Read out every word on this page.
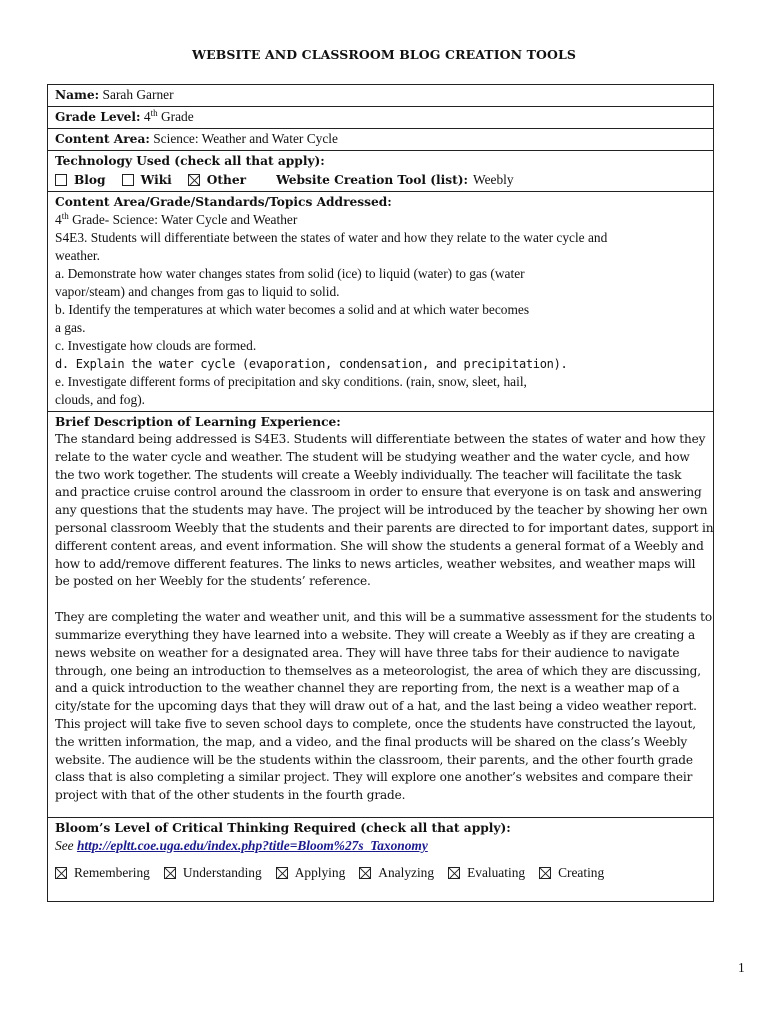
WEBSITE AND CLASSROOM BLOG CREATION TOOLS
Name: Sarah Garner
Grade Level: 4th Grade
Content Area: Science: Weather and Water Cycle
Technology Used (check all that apply):
Blog	Wiki	Other Website Creation Tool (list): Weebly
Content Area/Grade/Standards/Topics Addressed:
4th Grade- Science: Water Cycle and Weather
S4E3. Students will differentiate between the states of water and how they relate to the water cycle and
weather.
a. Demonstrate how water changes states from solid (ice) to liquid (water) to gas (water
vapor/steam) and changes from gas to liquid to solid.
b. Identify the temperatures at which water becomes a solid and at which water becomes
a gas.
c. Investigate how clouds are formed.
d. Explain the water cycle (evaporation, condensation, and precipitation).
e. Investigate different forms of precipitation and sky conditions. (rain, snow, sleet, hail,
clouds, and fog).
Brief Description of Learning Experience:
The standard being addressed is S4E3. Students will differentiate between the states of water and how they
relate to the water cycle and weather. The student will be studying weather and the water cycle, and how
the two work together. The students will create a Weebly individually. The teacher will facilitate the task
and practice cruise control around the classroom in order to ensure that everyone is on task and answering
any questions that the students may have. The project will be introduced by the teacher by showing her own
personal classroom Weebly that the students and their parents are directed to for important dates, support in
different content areas, and event information. She will show the students a general format of a Weebly and
how to add/remove different features. The links to news articles, weather websites, and weather maps will
be posted on her Weebly for the students’ reference.
They are completing the water and weather unit, and this will be a summative assessment for the students to
summarize everything they have learned into a website. They will create a Weebly as if they are creating a
news website on weather for a designated area. They will have three tabs for their audience to navigate
through, one being an introduction to themselves as a meteorologist, the area of which they are discussing,
and a quick introduction to the weather channel they are reporting from, the next is a weather map of a
city/state for the upcoming days that they will draw out of a hat, and the last being a video weather report.
This project will take five to seven school days to complete, once the students have constructed the layout,
the written information, the map, and a video, and the final products will be shared on the class’s Weebly
website. The audience will be the students within the classroom, their parents, and the other fourth grade
class that is also completing a similar project. They will explore one another’s websites and compare their
project with that of the other students in the fourth grade.
Bloom’s Level of Critical Thinking Required (check all that apply):
See http://epltt.coe.uga.edu/index.php?title=Bloom%27s_Taxonomy
Remembering Understanding Applying Analyzing Evaluating Creating
1
